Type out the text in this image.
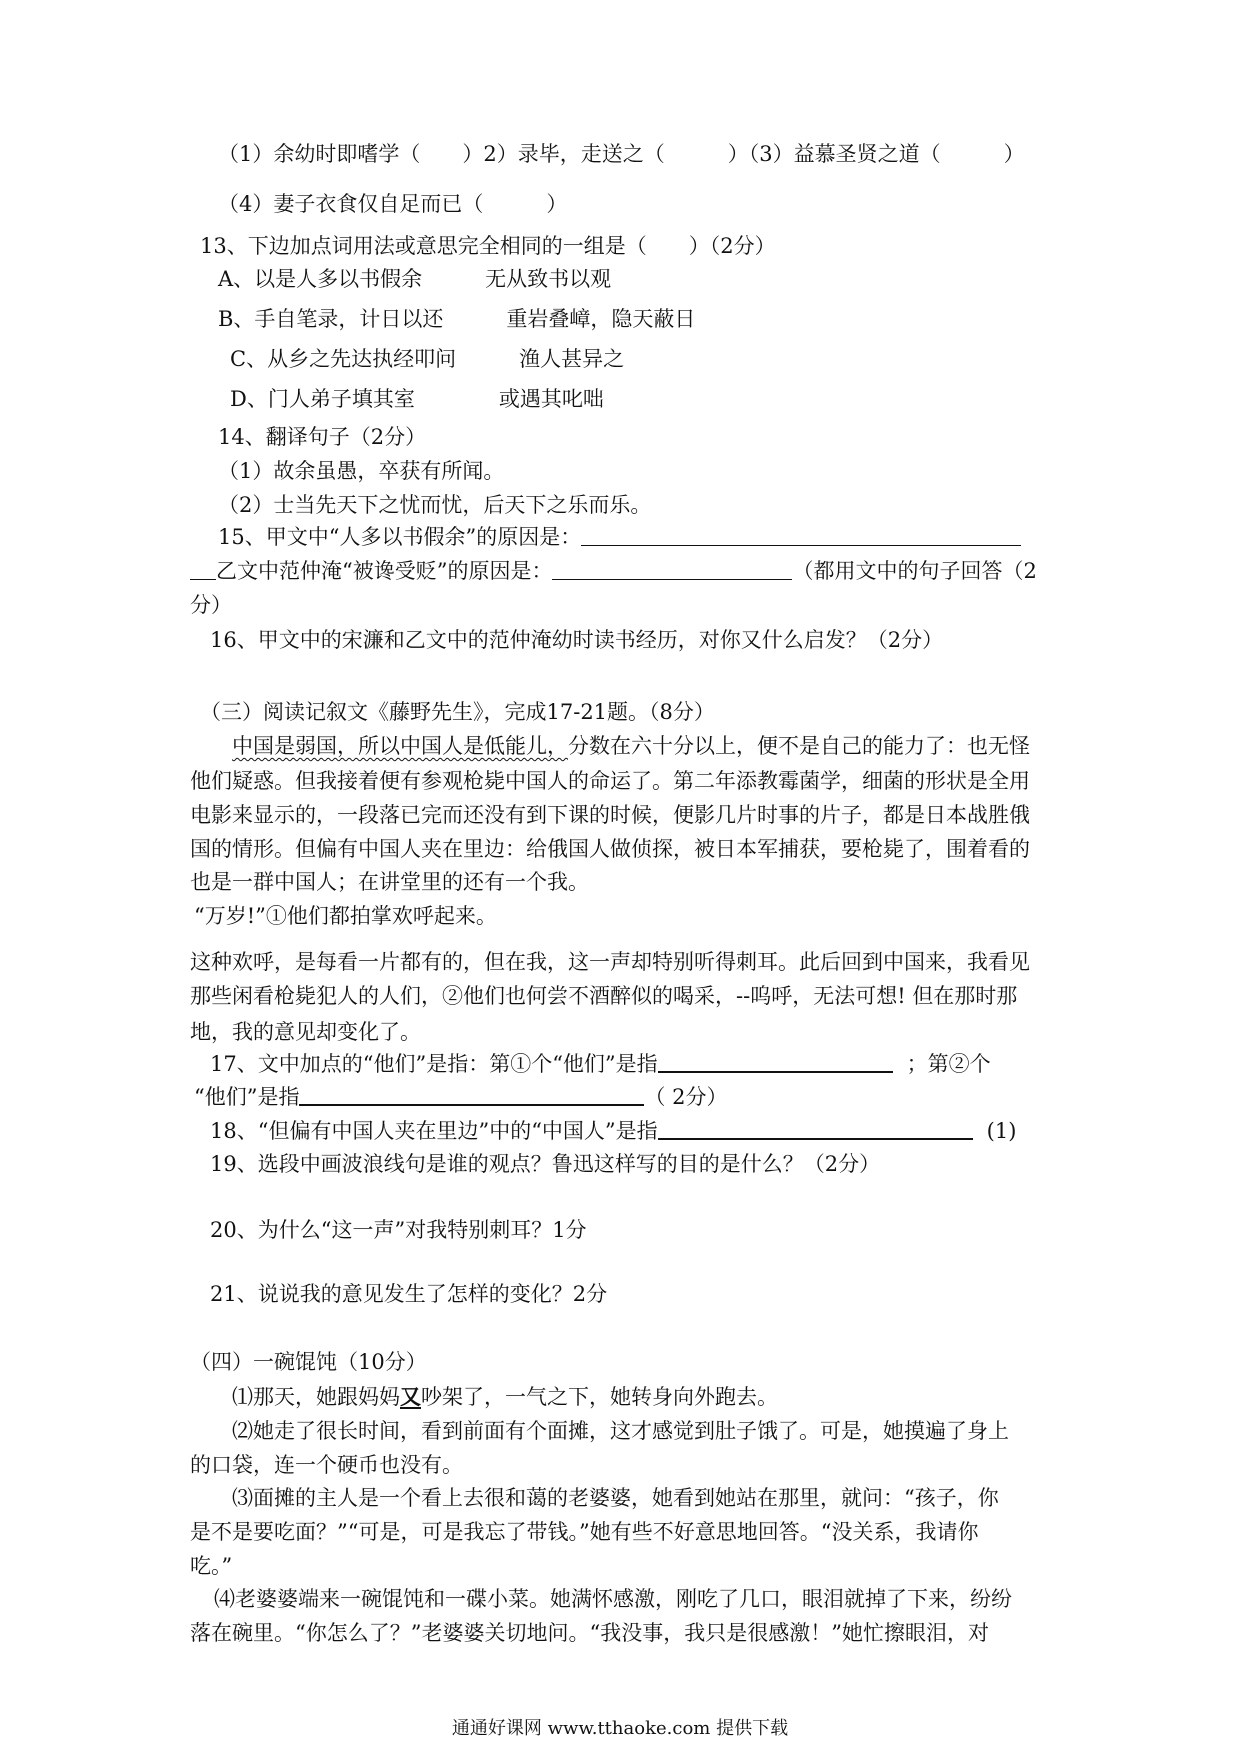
（1）余幼时即嗜学（　　）2）录毕，走送之（　　　）（3）益慕圣贤之道（　　　）
（4）妻子衣食仅自足而已（　　　）
13、下边加点词用法或意思完全相同的一组是（　　）（2分）
A、以是人多以书假余　　　无从致书以观
B、手自笔录，计日以还　　　重岩叠嶂，隐天蔽日
C、从乡之先达执经叩问　　　渔人甚异之
D、门人弟子填其室　　　　或遇其叱咄
14、翻译句子（2分）
（1）故余虽愚，卒获有所闻。
（2）士当先天下之忧而忧，后天下之乐而乐。
15、甲文中“人多以书假余”的原因是：
乙文中范仲淹“被谗受贬”的原因是：	（都用文中的句子回答（2
分）
16、甲文中的宋濂和乙文中的范仲淹幼时读书经历，对你又什么启发？（2分）
（三）阅读记叙文《藤野先生》，完成17-21题。（8分）
中国是弱国，所以中国人是低能儿，分数在六十分以上，便不是自己的能力了：也无怪
他们疑惑。但我接着便有参观枪毙中国人的命运了。第二年添教霉菌学，细菌的形状是全用
电影来显示的，一段落已完而还没有到下课的时候，便影几片时事的片子，都是日本战胜俄
国的情形。但偏有中国人夹在里边：给俄国人做侦探，被日本军捕获，要枪毙了，围着看的
也是一群中国人；在讲堂里的还有一个我。
“万岁!”①他们都拍掌欢呼起来。
这种欢呼，是每看一片都有的，但在我，这一声却特别听得刺耳。此后回到中国来，我看见
那些闲看枪毙犯人的人们，②他们也何尝不酒醉似的喝采，--呜呼，无法可想! 但在那时那
地，我的意见却变化了。
17、文中加点的“他们”是指：第①个“他们”是指	；第②个
“他们”是指	（ 2分）
18、“但偏有中国人夹在里边”中的“中国人”是指	(1)
19、选段中画波浪线句是谁的观点？鲁迅这样写的目的是什么？（2分）
20、为什么“这一声”对我特别刺耳？1分
21、说说我的意见发生了怎样的变化？2分
（四）一碗馄饨（10分）
⑴那天，她跟妈妈又吵架了，一气之下，她转身向外跑去。
⑵她走了很长时间，看到前面有个面摊，这才感觉到肚子饿了。可是，她摸遍了身上
的口袋，连一个硬币也没有。
⑶面摊的主人是一个看上去很和蔼的老婆婆，她看到她站在那里，就问：“孩子，你
是不是要吃面？”“可是，可是我忘了带钱。”她有些不好意思地回答。“没关系，我请你
吃。”
⑷老婆婆端来一碗馄饨和一碟小菜。她满怀感激，刚吃了几口，眼泪就掉了下来，纷纷
落在碗里。“你怎么了？”老婆婆关切地问。“我没事，我只是很感激！”她忙擦眼泪，对
通通好课网 www.tthaoke.com 提供下载
